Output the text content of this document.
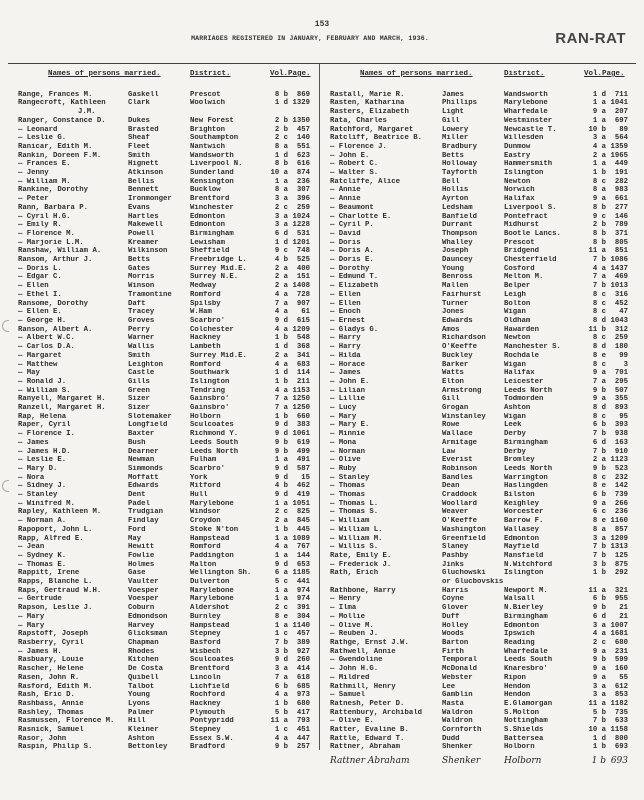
153
MARRIAGES REGISTERED IN JANUARY, FEBRUARY AND MARCH, 1936.	RAN-RAT
Names of persons married.	District.	Vol. Page.
Range, Frances M.	Gaskell	Prescot	8 b	869
Rangecroft, Kathleen	Clark	Woolwich	1 d 1329
J.M.
Ranger, Constance D.	Dukes	New Forest	2 b 1350
— Leonard	Brasted	Brighton	2 b	457
— Leslie G.	Sheaf	Southampton	2 c	140
Ranicar, Edith M.	Fleet	Nantwich	8 a	551
Rankin, Doreen F.M.	Smith	Wandsworth	1 d	623
— Frances E.	Hignett	Liverpool N.	8 b	616
— Jenny	Atkinson	Sunderland	10 a	874
— William M.	Bellis	Kensington	1 a	236
Rankine, Dorothy	Bennett	Bucklow	8 a	307
— Peter	Ironmonger	Brentford	3 a	396
Rann, Barbara P.	Evans	Winchester	2 c	259
— Cyril H.G.	Hartles	Edmonton	3 a 1024
— Emily R.	Makewell	Edmonton	3 a 1228
— Florence M.	Powell	Birmingham	6 d	531
— Marjorie L.M.	Kreamer	Lewisham	1 d 1201
Ranshaw, William A.	Wilkinson	Sheffield	9 c	748
Ransom, Arthur J.	Betts	Freebridge L.	4 b	525
— Doris L.	Gates	Surrey Mid.E.	2 a	400
— Edgar C.	Morris	Surrey N.E.	2 a	151
— Ellen	Winson	Medway	2 a 1408
— Ethel I.	Tramontine	Romford	4 a	728
Ransome, Dorothy	Daft	Spilsby	7 a	907
— Ellen E.	Tracey	W.Ham	4 a	61
— George H.	Groves	Scarbro'	9 d	615
Ranson, Albert A.	Perry	Colchester	4 a 1209
— Albert W.C.	Warner	Hackney	1 b	548
— Carlos D.A.	Wallis	Lambeth	1 d	368
— Margaret	Smith	Surrey Mid.E.	2 a	341
— Matthew	Leighton	Romford	4 a	683
— May	Castle	Southwark	1 d	114
— Ronald J.	Gills	Islington	1 b	211
— William S.	Green	Tendring	4 a 1153
Ranyell, Margaret H.	Sizer	Gainsbro'	7 a 1250
Ranzell, Margaret H.	Sizer	Gainsbro'	7 a 1250
Rap, Helena	Slotemaker	Holborn	1 b	660
Raper, Cyril	Longfield	Sculcoates	9 d	383
— Florence I.	Baxter	Richmond Y.	9 d 1061
— James	Bush	Leeds South	9 b	619
— James H.D.	Dearner	Leeds North	9 b	499
— Leslie E.	Newman	Fulham	1 a	491
— Mary D.	Simmonds	Scarbro'	9 d	587
— Nora	Moffatt	York	9 d	15
— Sidney J.	Edwards	Mitford	4 b	462
— Stanley	Dent	Hull	9 d	419
— Winifred M.	Padel	Marylebone	1 a 1051
Rapley, Kathleen M.	Trudgian	Windsor	2 c	825
— Norman A.	Findlay	Croydon	2 a	845
Rapoport, John L.	Ford	Stoke N'ton	1 b	445
Rapp, Alfred E.	May	Hampstead	1 a 1089
— Jean	Hewitt	Romford	4 a	767
— Sydney K.	Fowlie	Paddington	1 a	144
— Thomas E.	Holmes	Malton	9 d	653
Rappitt, Irene	Gase	Wellington Sh.	6 a 1185
Rapps, Blanche L.	Vaulter	Dulverton	5 c	441
Raps, Gertraud W.H.	Voesper	Marylebone	1 a	974
— Gertrude	Voesper	Marylebone	1 a	974
Rapson, Leslie J.	Coburn	Aldershot	2 c	391
— Mary	Edmondson	Burnley	8 e	304
— Mary	Harvey	Hampstead	1 a 1140
Rapstoff, Joseph	Glicksman	Stepney	1 c	457
Rasberry, Cyril	Chapman	Basford	7 b	389
— James H.	Rhodes	Wisbech	3 b	927
Rasbuary, Louie	Kitchen	Sculcoates	9 d	260
Rascher, Helene	De Costa	Brentford	3 a	414
Rasen, John R.	Quibell	Lincoln	7 a	618
Rasford, Edith M.	Talbot	Lichfield	6 b	685
Rash, Eric D.	Young	Rochford	4 a	973
Rashbass, Annie	Lyons	Hackney	1 b	680
Rashley, Thomas	Palmer	Plymouth	5 b	417
Rasmussen, Florence M.	Hill	Pontypridd	11 a	793
Rasnick, Samuel	Kleiner	Stepney	1 c	451
Rasor, John	Ashton	Essex S.W.	4 a	447
Raspin, Philip S.	Bettonley	Bradford	9 b	257
Names of persons married.	District.	Vol. Page.
Rastall, Marie R.	James	Wandsworth	1 d	711
Rasten, Katharina	Phillips	Marylebone	1 a 1041
Rasters, Elizabeth	Light	Wharfedale	9 a	207
Rata, Charles	Gill	Westminster	1 a	697
Ratchford, Margaret	Lowery	Newcastle T.	10 b	89
Ratcliff, Beatrice B.	Miller	Willesden	3 a	564
— Florence J.	Bradbury	Dunmow	4 a 1359
— John E.	Betts	Eastry	2 a 1965
— Robert C.	Holloway	Hammersmith	1 a	449
— Walter S.	Tayforth	Islington	1 b	191
Ratcliffe, Alice	Bell	Newton	8 c	282
— Annie	Hollis	Norwich	8 a	983
— Annie	Ayrton	Halifax	9 a	661
— Beaumont	Ledsham	Liverpool S.	8 b	277
— Charlotte E.	Banfield	Pontefract	9 c	146
— Cyril P.	Durrant	Midhurst	2 b	789
— David	Thompson	Bootle Lancs.	8 b	371
— Doris	Whalley	Prescot	8 b	805
— Doris A.	Joseph	Bridgend	11 a	851
— Doris E.	Dauncey	Chesterfield	7 b 1086
— Dorothy	Young	Cosford	4 a 1437
— Edmund T.	Benross	Melton M.	7 a	469
— Elizabeth	Mallen	Belper	7 b 1013
— Ellen	Fairhurst	Leigh	8 c	316
— Ellen	Turner	Bolton	8 c	452
— Enoch	Jones	Wigan	8 c	47
— Ernest	Edwards	Oldham	8 d 1043
— Gladys G.	Amos	Hawarden	11 b	312
— Harry	Richardson	Newton	8 c	259
— Harry	O'Keeffe	Manchester S.	8 d	180
— Hilda	Buckley	Rochdale	8 e	99
— Horace	Barker	Wigan	8 c	3
— James	Watts	Halifax	9 a	701
— John E.	Elton	Leicester	7 a	295
— Lilian	Armstrong	Leeds North	9 b	507
— Lillie	Gill	Todmorden	9 a	355
— Lucy	Grogan	Ashton	8 d	893
— Mary	Winstanley	Wigan	8 c	95
— Mary E.	Rowe	Leek	6 b	393
— Minnie	Wallace	Derby	7 b	938
— Mona	Armitage	Birmingham	6 d	163
— Norman	Law	Derby	7 b	910
— Olive	Everist	Bromley	2 a 1123
— Ruby	Robinson	Leeds North	9 b	523
— Stanley	Bandles	Warrington	8 c	232
— Thomas	Dean	Haslingden	8 e	142
— Thomas	Craddock	Bilston	6 b	739
— Thomas L.	Woollard	Keighley	9 a	266
— Thomas S.	Weaver	Worcester	6 c	236
— William	O'Keeffe	Barrow F.	8 e 1160
— William L.	Washington	Wallasey	8 a	857
— William M.	Greenfield	Edmonton	3 a 1209
— Willis S.	Slaney	Mayfield	7 b 1313
Rate, Emily E.	Pashby	Mansfield	7 b	125
— Frederick J.	Jinks	N.Witchford	3 b	875
Rath, Erich	Gluchowski	Islington	1 b	292
or Glucbovskis
Rathbone, Harry	Harris	Newport M.	11 a	321
— Henry	Coyne	Walsall	6 b	955
— Ilma	Glover	N.Bierley	9 b	21
— Mollie	Duff	Birmingham	6 d	21
— Olive M.	Holley	Edmonton	3 a 1007
— Reuben J.	Woods	Ipswich	4 a 1681
Rathge, Ernst J.W.	Barton	Reading	2 c	680
Rathwell, Annie	Firth	Wharfedale	9 a	231
— Gwendoline	Temporal	Leeds South	9 b	599
— John H.G.	McDonald	Knaresbro'	9 a	160
— Mildred	Webster	Ripon	9 a	55
Rathmill, Henry	Lee	Hendon	3 a	612
— Samuel	Gamblin	Hendon	3 a	853
Ratnesh, Peter D.	Masta	E.Glamorgan	11 a 1182
Rattenbury, Archibald	Waldron	S.Molton	5 b	735
— Olive E.	Waldron	Nottingham	7 b	633
Ratter, Evaline B.	Cornforth	S.Shields	10 a 1158
Rattle, Edward T.	Dudd	Battersea	1 d	800
Rattner, Abraham	Shenker	Holborn	1 b	693
Rattner Abraham	Shenker	Holborn	1 b 693
